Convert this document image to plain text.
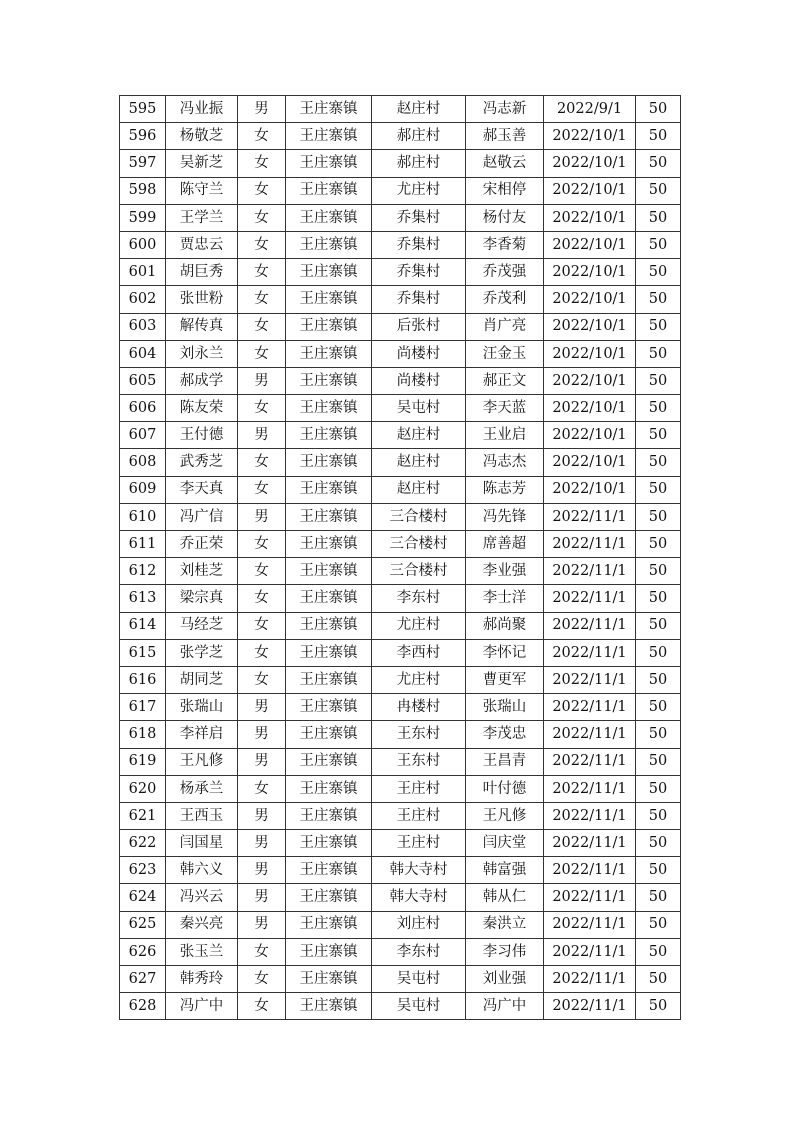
595	冯业振	男	王庄寨镇	赵庄村	冯志新	2022/9/1	50
596	杨敬芝	女	王庄寨镇	郝庄村	郝玉善	2022/10/1	50
597	吴新芝	女	王庄寨镇	郝庄村	赵敬云	2022/10/1	50
598	陈守兰	女	王庄寨镇	尤庄村	宋相停	2022/10/1	50
599	王学兰	女	王庄寨镇	乔集村	杨付友	2022/10/1	50
600	贾忠云	女	王庄寨镇	乔集村	李香菊	2022/10/1	50
601	胡巨秀	女	王庄寨镇	乔集村	乔茂强	2022/10/1	50
602	张世粉	女	王庄寨镇	乔集村	乔茂利	2022/10/1	50
603	解传真	女	王庄寨镇	后张村	肖广亮	2022/10/1	50
604	刘永兰	女	王庄寨镇	尚楼村	汪金玉	2022/10/1	50
605	郝成学	男	王庄寨镇	尚楼村	郝正文	2022/10/1	50
606	陈友荣	女	王庄寨镇	吴屯村	李天蓝	2022/10/1	50
607	王付德	男	王庄寨镇	赵庄村	王业启	2022/10/1	50
608	武秀芝	女	王庄寨镇	赵庄村	冯志杰	2022/10/1	50
609	李天真	女	王庄寨镇	赵庄村	陈志芳	2022/10/1	50
610	冯广信	男	王庄寨镇	三合楼村	冯先锋	2022/11/1	50
611	乔正荣	女	王庄寨镇	三合楼村	席善超	2022/11/1	50
612	刘桂芝	女	王庄寨镇	三合楼村	李业强	2022/11/1	50
613	梁宗真	女	王庄寨镇	李东村	李士洋	2022/11/1	50
614	马经芝	女	王庄寨镇	尤庄村	郝尚聚	2022/11/1	50
615	张学芝	女	王庄寨镇	李西村	李怀记	2022/11/1	50
616	胡同芝	女	王庄寨镇	尤庄村	曹更军	2022/11/1	50
617	张瑞山	男	王庄寨镇	冉楼村	张瑞山	2022/11/1	50
618	李祥启	男	王庄寨镇	王东村	李茂忠	2022/11/1	50
619	王凡修	男	王庄寨镇	王东村	王昌青	2022/11/1	50
620	杨承兰	女	王庄寨镇	王庄村	叶付德	2022/11/1	50
621	王西玉	男	王庄寨镇	王庄村	王凡修	2022/11/1	50
622	闫国星	男	王庄寨镇	王庄村	闫庆堂	2022/11/1	50
623	韩六义	男	王庄寨镇	韩大寺村	韩富强	2022/11/1	50
624	冯兴云	男	王庄寨镇	韩大寺村	韩从仁	2022/11/1	50
625	秦兴亮	男	王庄寨镇	刘庄村	秦洪立	2022/11/1	50
626	张玉兰	女	王庄寨镇	李东村	李习伟	2022/11/1	50
627	韩秀玲	女	王庄寨镇	吴屯村	刘业强	2022/11/1	50
628	冯广中	女	王庄寨镇	吴屯村	冯广中	2022/11/1	50
